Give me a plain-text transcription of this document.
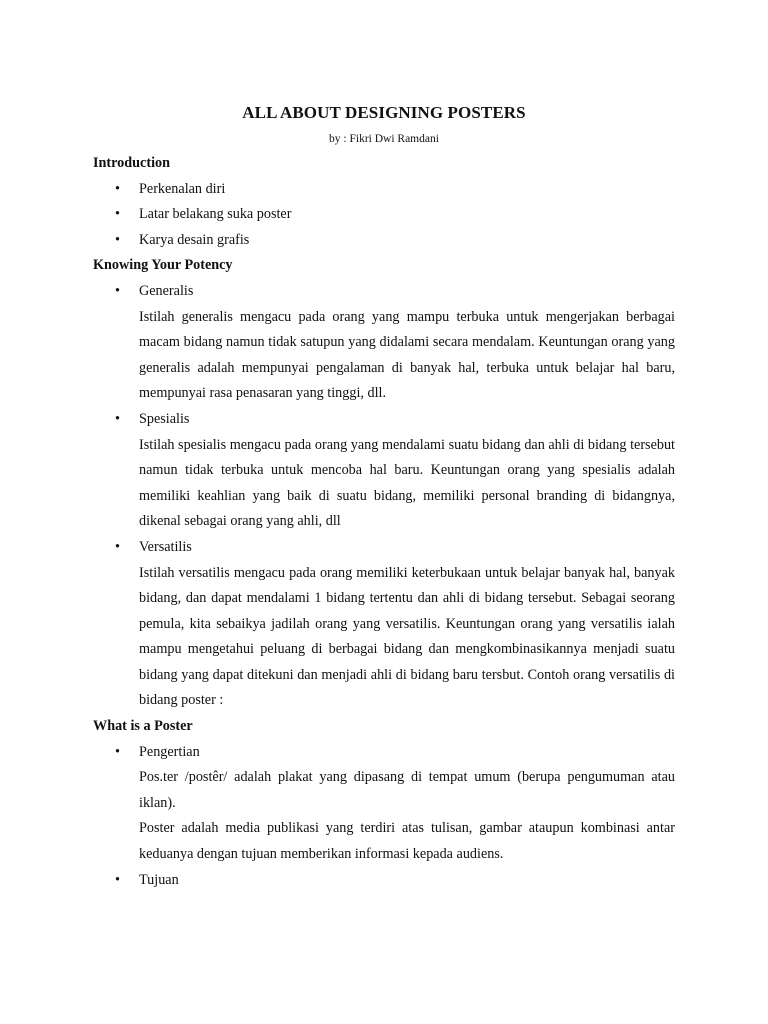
ALL ABOUT DESIGNING POSTERS
by : Fikri Dwi Ramdani

Introduction

• Perkenalan diri

• Latar belakang suka poster

• Karya desain grafis

Knowing Your Potency

• Generalis
Istilah generalis mengacu pada orang yang mampu terbuka untuk mengerjakan berbagai macam bidang namun tidak satupun yang didalami secara mendalam. Keuntungan orang yang generalis adalah mempunyai pengalaman di banyak hal, terbuka untuk belajar hal baru, mempunyai rasa penasaran yang tinggi, dll.
• Spesialis
Istilah spesialis mengacu pada orang yang mendalami suatu bidang dan ahli di bidang tersebut namun tidak terbuka untuk mencoba hal baru. Keuntungan orang yang spesialis adalah memiliki keahlian yang baik di suatu bidang, memiliki personal branding di bidangnya, dikenal sebagai orang yang ahli, dll
• Versatilis
Istilah versatilis mengacu pada orang memiliki keterbukaan untuk belajar banyak hal, banyak bidang, dan dapat mendalami 1 bidang tertentu dan ahli di bidang tersebut. Sebagai seorang pemula, kita sebaikya jadilah orang yang versatilis. Keuntungan orang yang versatilis ialah mampu mengetahui peluang di berbagai bidang dan mengkombinasikannya menjadi suatu bidang yang dapat ditekuni dan menjadi ahli di bidang baru tersbut. Contoh orang versatilis di bidang poster :

What is a Poster

• Pengertian
Pos.ter /postêr/ adalah plakat yang dipasang di tempat umum (berupa pengumuman atau iklan).
Poster adalah media publikasi yang terdiri atas tulisan, gambar ataupun kombinasi antar keduanya dengan tujuan memberikan informasi kepada audiens.
• Tujuan
